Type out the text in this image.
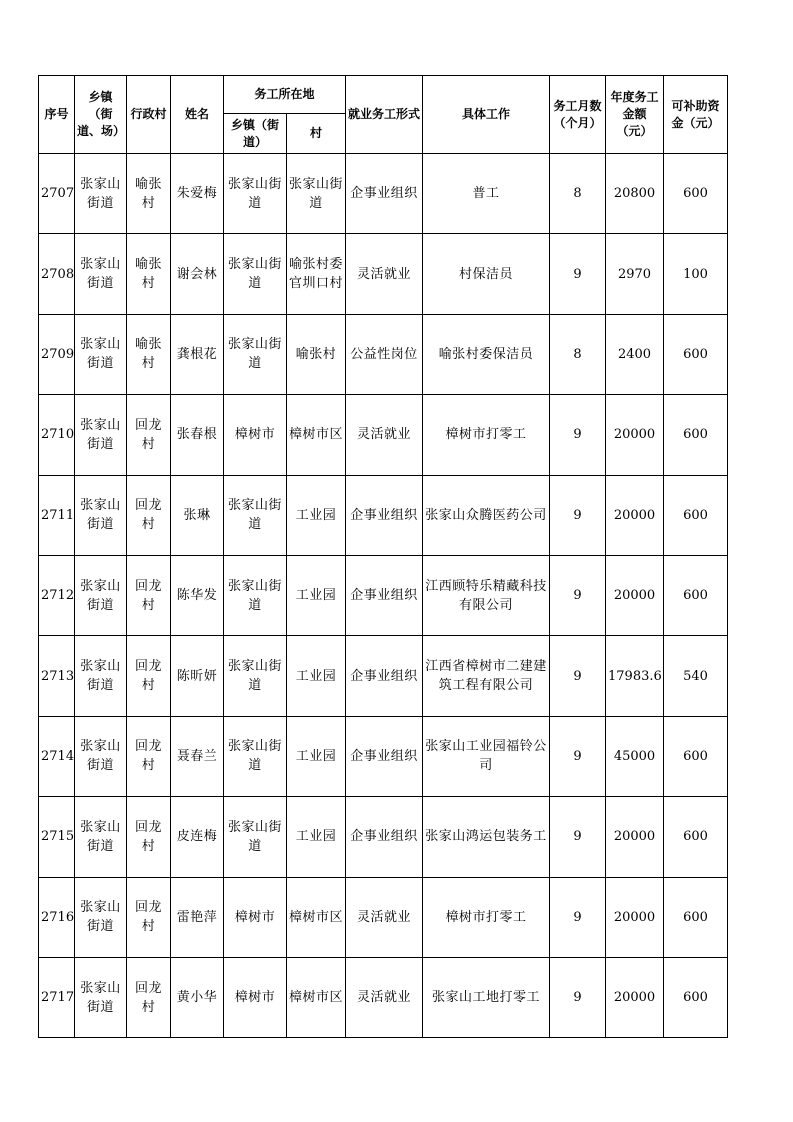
序号	乡镇（街道、场）	行政村	姓名	务工所在地		就业务工形式	具体工作	务工月数（个月）	年度务工金额（元）	可补助资金（元）
				乡镇（街道）	村					
2707	张家山街道	喻张村	朱爱梅	张家山街道	张家山街道	企事业组织	普工	8	20800	600
2708	张家山街道	喻张村	谢会林	张家山街道	喻张村委官圳口村	灵活就业	村保洁员	9	2970	100
2709	张家山街道	喻张村	龚根花	张家山街道	喻张村	公益性岗位	喻张村委保洁员	8	2400	600
2710	张家山街道	回龙村	张春根	樟树市	樟树市区	灵活就业	樟树市打零工	9	20000	600
2711	张家山街道	回龙村	张琳	张家山街道	工业园	企事业组织	张家山众腾医药公司	9	20000	600
2712	张家山街道	回龙村	陈华发	张家山街道	工业园	企事业组织	江西顾特乐精藏科技有限公司	9	20000	600
2713	张家山街道	回龙村	陈昕妍	张家山街道	工业园	企事业组织	江西省樟树市二建建筑工程有限公司	9	17983.6	540
2714	张家山街道	回龙村	聂春兰	张家山街道	工业园	企事业组织	张家山工业园福铃公司	9	45000	600
2715	张家山街道	回龙村	皮连梅	张家山街道	工业园	企事业组织	张家山鸿运包装务工	9	20000	600
2716	张家山街道	回龙村	雷艳萍	樟树市	樟树市区	灵活就业	樟树市打零工	9	20000	600
2717	张家山街道	回龙村	黄小华	樟树市	樟树市区	灵活就业	张家山工地打零工	9	20000	600
